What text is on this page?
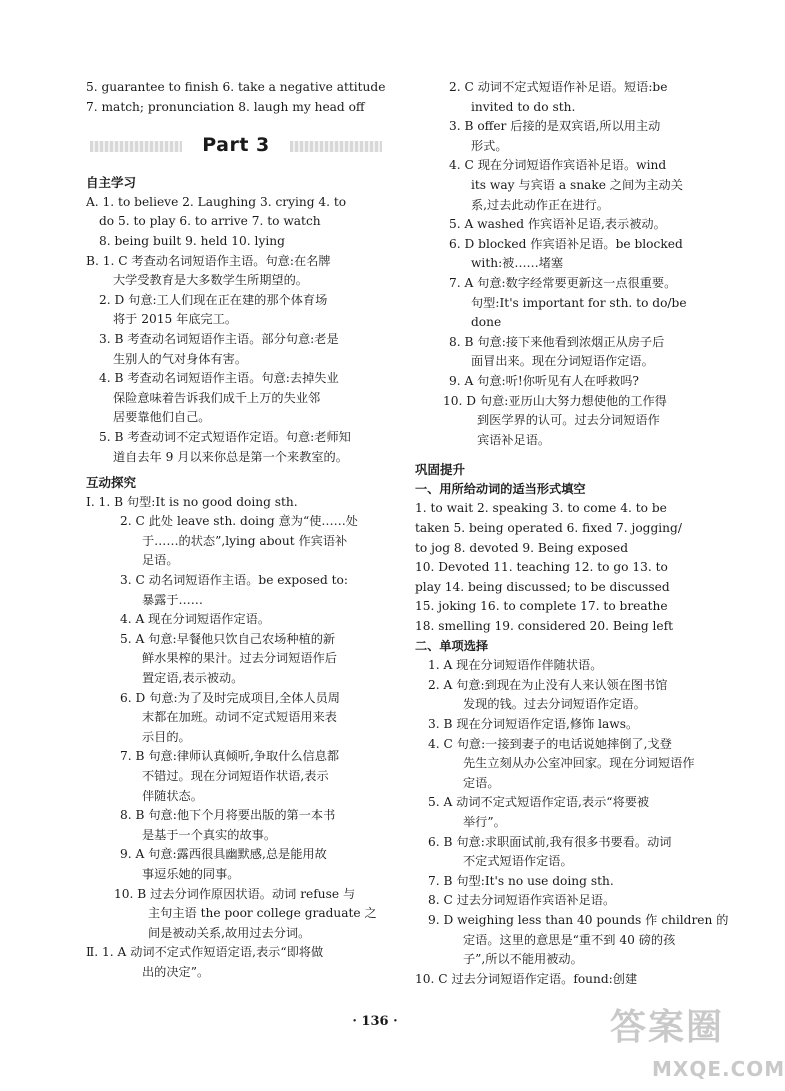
5. guarantee to finish 6. take a negative attitude
7. match; pronunciation 8. laugh my head off
Part 3
自主学习
A. 1. to believe 2. Laughing 3. crying 4. to
do 5. to play 6. to arrive 7. to watch
8. being built 9. held 10. lying
B. 1. C 考查动名词短语作主语。句意:在名牌
大学受教育是大多数学生所期望的。
2. D 句意:工人们现在正在建的那个体育场
将于 2015 年底完工。
3. B 考查动名词短语作主语。部分句意:老是
生别人的气对身体有害。
4. B 考查动名词短语作主语。句意:去掉失业
保险意味着告诉我们成千上万的失业邻
居要靠他们自己。
5. B 考查动词不定式短语作定语。句意:老师知
道自去年 9 月以来你总是第一个来教室的。
互动探究
Ⅰ. 1. B 句型:It is no good doing sth.
2. C 此处 leave sth. doing 意为“使……处
于……的状态”,lying about 作宾语补
足语。
3. C 动名词短语作主语。be exposed to:
暴露于……
4. A 现在分词短语作定语。
5. A 句意:早餐他只饮自己农场种植的新
鲜水果榨的果汁。过去分词短语作后
置定语,表示被动。
6. D 句意:为了及时完成项目,全体人员周
末都在加班。动词不定式短语用来表
示目的。
7. B 句意:律师认真倾听,争取什么信息都
不错过。现在分词短语作状语,表示
伴随状态。
8. B 句意:他下个月将要出版的第一本书
是基于一个真实的故事。
9. A 句意:露西很具幽默感,总是能用故
事逗乐她的同事。
10. B 过去分词作原因状语。动词 refuse 与
主句主语 the poor college graduate 之
间是被动关系,故用过去分词。
Ⅱ. 1. A 动词不定式作短语定语,表示“即将做
出的决定”。
2. C 动词不定式短语作补足语。短语:be
invited to do sth.
3. B offer 后接的是双宾语,所以用主动
形式。
4. C 现在分词短语作宾语补足语。wind
its way 与宾语 a snake 之间为主动关
系,过去此动作正在进行。
5. A washed 作宾语补足语,表示被动。
6. D blocked 作宾语补足语。be blocked
with:被……堵塞
7. A 句意:数字经常要更新这一点很重要。
句型:It's important for sth. to do/be
done
8. B 句意:接下来他看到浓烟正从房子后
面冒出来。现在分词短语作定语。
9. A 句意:听!你听见有人在呼救吗?
10. D 句意:亚历山大努力想使他的工作得
到医学界的认可。过去分词短语作
宾语补足语。
巩固提升
一、用所给动词的适当形式填空
1. to wait 2. speaking 3. to come 4. to be
taken 5. being operated 6. fixed 7. jogging/
to jog 8. devoted 9. Being exposed
10. Devoted 11. teaching 12. to go 13. to
play 14. being discussed; to be discussed
15. joking 16. to complete 17. to breathe
18. smelling 19. considered 20. Being left
二、单项选择
1. A 现在分词短语作伴随状语。
2. A 句意:到现在为止没有人来认领在图书馆
发现的钱。过去分词短语作定语。
3. B 现在分词短语作定语,修饰 laws。
4. C 句意:一接到妻子的电话说她摔倒了,戈登
先生立刻从办公室冲回家。现在分词短语作
定语。
5. A 动词不定式短语作定语,表示“将要被
举行”。
6. B 句意:求职面试前,我有很多书要看。动词
不定式短语作定语。
7. B 句型:It's no use doing sth.
8. C 过去分词短语作宾语补足语。
9. D weighing less than 40 pounds 作 children 的
定语。这里的意思是“重不到 40 磅的孩
子”,所以不能用被动。
10. C 过去分词短语作定语。found:创建
· 136 ·	答案圈
MXQE.COM
